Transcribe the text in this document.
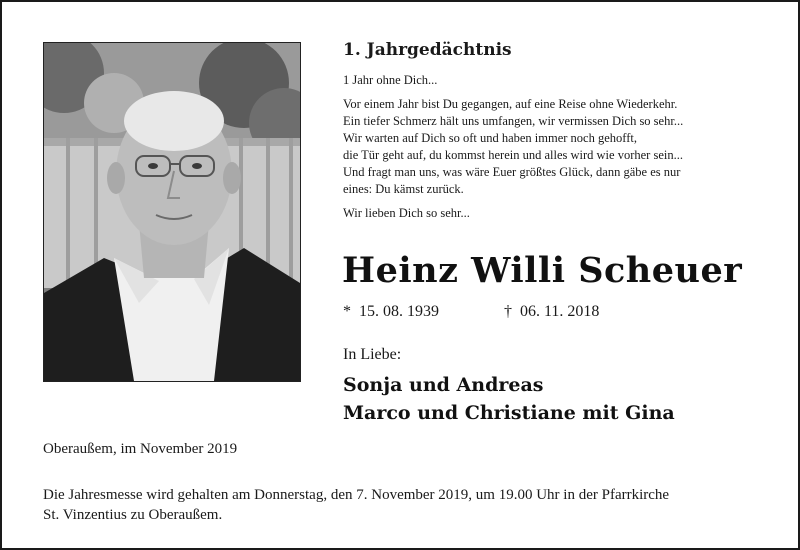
1. Jahrgedächtnis
1 Jahr ohne Dich...
Vor einem Jahr bist Du gegangen, auf eine Reise ohne Wiederkehr.
Ein tiefer Schmerz hält uns umfangen, wir vermissen Dich so sehr...
Wir warten auf Dich so oft und haben immer noch gehofft,
die Tür geht auf, du kommst herein und alles wird wie vorher sein...
Und fragt man uns, was wäre Euer größtes Glück, dann gäbe es nur
eines: Du kämst zurück.
Wir lieben Dich so sehr...
Heinz Willi Scheuer
* 15. 08. 1939	† 06. 11. 2018
In Liebe:
Sonja und Andreas
Marco und Christiane mit Gina
Oberaußem, im November 2019
Die Jahresmesse wird gehalten am Donnerstag, den 7. November 2019, um 19.00 Uhr in der Pfarrkirche
St. Vinzentius zu Oberaußem.
